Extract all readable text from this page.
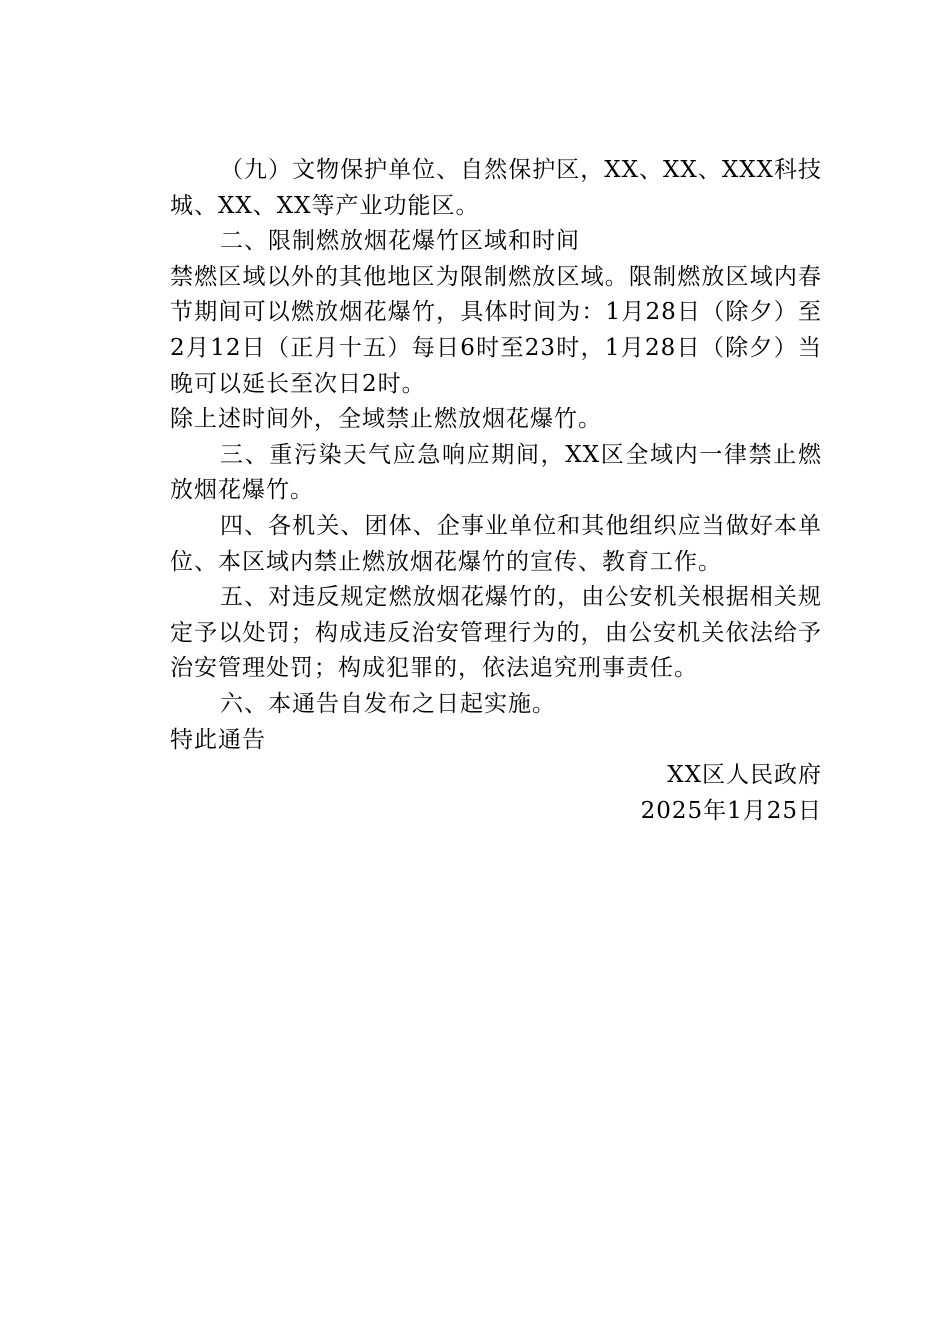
（九）文物保护单位、自然保护区，XX、XX、XXX科技城、XX、XX等产业功能区。

二、限制燃放烟花爆竹区域和时间

禁燃区域以外的其他地区为限制燃放区域。限制燃放区域内春节期间可以燃放烟花爆竹，具体时间为：1月28日（除夕）至2月12日（正月十五）每日6时至23时，1月28日（除夕）当晚可以延长至次日2时。

除上述时间外，全域禁止燃放烟花爆竹。

三、重污染天气应急响应期间，XX区全域内一律禁止燃放烟花爆竹。

四、各机关、团体、企事业单位和其他组织应当做好本单位、本区域内禁止燃放烟花爆竹的宣传、教育工作。

五、对违反规定燃放烟花爆竹的，由公安机关根据相关规定予以处罚；构成违反治安管理行为的，由公安机关依法给予治安管理处罚；构成犯罪的，依法追究刑事责任。

六、本通告自发布之日起实施。

特此通告

XX区人民政府

2025年1月25日
